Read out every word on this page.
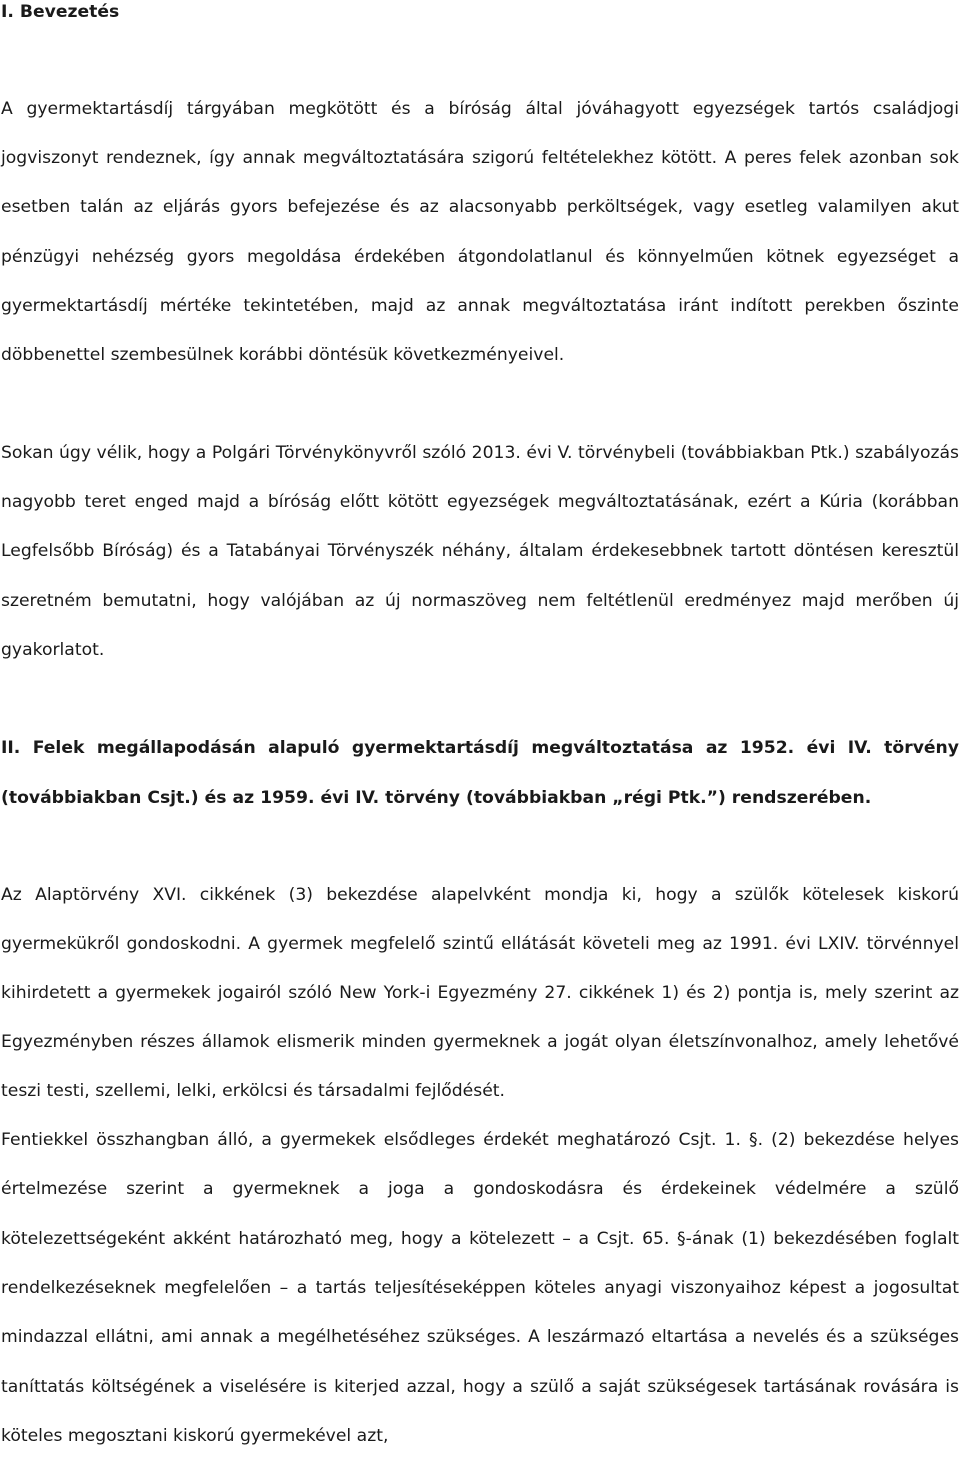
I. Bevezetés

A gyermektartásdíj tárgyában megkötött és a bíróság által jóváhagyott egyezségek tartós családjogi jogviszonyt rendeznek, így annak megváltoztatására szigorú feltételekhez kötött. A peres felek azonban sok esetben talán az eljárás gyors befejezése és az alacsonyabb perköltségek, vagy esetleg valamilyen akut pénzügyi nehézség gyors megoldása érdekében átgondolatlanul és könnyelműen kötnek egyezséget a gyermektartásdíj mértéke tekintetében, majd az annak megváltoztatása iránt indított perekben őszinte döbbenettel szembesülnek korábbi döntésük következményeivel.

Sokan úgy vélik, hogy a Polgári Törvénykönyvről szóló 2013. évi V. törvénybeli (továbbiakban Ptk.) szabályozás nagyobb teret enged majd a bíróság előtt kötött egyezségek megváltoztatásának, ezért a Kúria (korábban Legfelsőbb Bíróság) és a Tatabányai Törvényszék néhány, általam érdekesebbnek tartott döntésen keresztül szeretném bemutatni, hogy valójában az új normaszöveg nem feltétlenül eredményez majd merőben új gyakorlatot.

II. Felek megállapodásán alapuló gyermektartásdíj megváltoztatása az 1952. évi IV. törvény (továbbiakban Csjt.) és az 1959. évi IV. törvény (továbbiakban „régi Ptk.”) rendszerében.

Az Alaptörvény XVI. cikkének (3) bekezdése alapelvként mondja ki, hogy a szülők kötelesek kiskorú gyermekükről gondoskodni. A gyermek megfelelő szintű ellátását követeli meg az 1991. évi LXIV. törvénnyel kihirdetett a gyermekek jogairól szóló New York-i Egyezmény 27. cikkének 1) és 2) pontja is, mely szerint az Egyezményben részes államok elismerik minden gyermeknek a jogát olyan életszínvonalhoz, amely lehetővé teszi testi, szellemi, lelki, erkölcsi és társadalmi fejlődését.

Fentiekkel összhangban álló, a gyermekek elsődleges érdekét meghatározó Csjt. 1. §. (2) bekezdése helyes értelmezése szerint a gyermeknek a joga a gondoskodásra és érdekeinek védelmére a szülő kötelezettségeként akként határozható meg, hogy a kötelezett – a Csjt. 65. §-ának (1) bekezdésében foglalt rendelkezéseknek megfelelően – a tartás teljesítéseképpen köteles anyagi viszonyaihoz képest a jogosultat mindazzal ellátni, ami annak a megélhetéséhez szükséges. A leszármazó eltartása a nevelés és a szükséges taníttatás költségének a viselésére is kiterjed azzal, hogy a szülő a saját szükségesek tartásának rovására is köteles megosztani kiskorú gyermekével azt,
